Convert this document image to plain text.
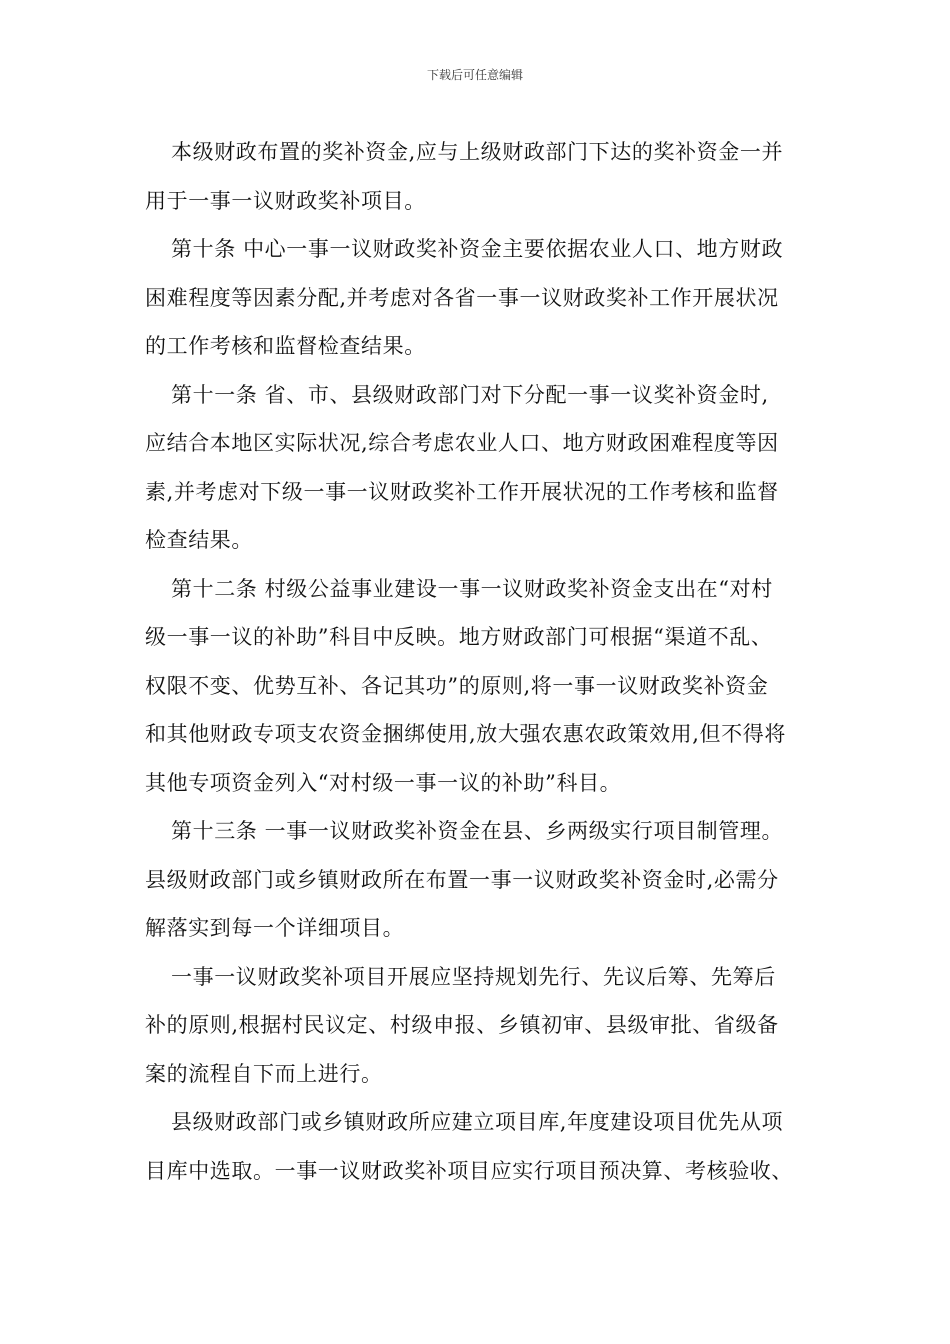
下载后可任意编辑
本级财政布置的奖补资金,应与上级财政部门下达的奖补资金一并
用于一事一议财政奖补项目。
第十条 中心一事一议财政奖补资金主要依据农业人口、地方财政
困难程度等因素分配,并考虑对各省一事一议财政奖补工作开展状况
的工作考核和监督检查结果。
第十一条 省、市、县级财政部门对下分配一事一议奖补资金时,
应结合本地区实际状况,综合考虑农业人口、地方财政困难程度等因
素,并考虑对下级一事一议财政奖补工作开展状况的工作考核和监督
检查结果。
第十二条 村级公益事业建设一事一议财政奖补资金支出在“对村
级一事一议的补助”科目中反映。地方财政部门可根据“渠道不乱、
权限不变、优势互补、各记其功”的原则,将一事一议财政奖补资金
和其他财政专项支农资金捆绑使用,放大强农惠农政策效用,但不得将
其他专项资金列入“对村级一事一议的补助”科目。
第十三条 一事一议财政奖补资金在县、乡两级实行项目制管理。
县级财政部门或乡镇财政所在布置一事一议财政奖补资金时,必需分
解落实到每一个详细项目。
一事一议财政奖补项目开展应坚持规划先行、先议后筹、先筹后
补的原则,根据村民议定、村级申报、乡镇初审、县级审批、省级备
案的流程自下而上进行。
县级财政部门或乡镇财政所应建立项目库,年度建设项目优先从项
目库中选取。一事一议财政奖补项目应实行项目预决算、考核验收、
